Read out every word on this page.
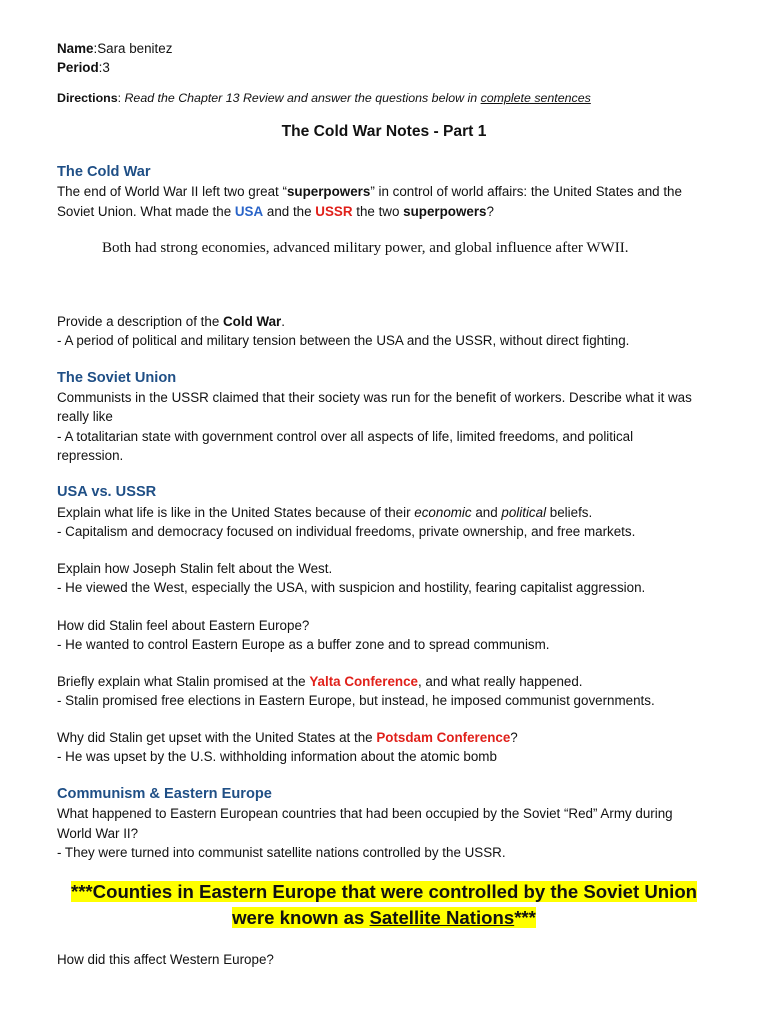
Name:Sara benitez
Period:3
Directions: Read the Chapter 13 Review and answer the questions below in complete sentences
The Cold War Notes - Part 1
The Cold War
The end of World War II left two great “superpowers” in control of world affairs: the United States and the
Soviet Union. What made the USA and the USSR the two superpowers?
Both had strong economies, advanced military power, and global influence after WWII.
Provide a description of the Cold War.
- A period of political and military tension between the USA and the USSR, without direct fighting.
The Soviet Union
Communists in the USSR claimed that their society was run for the benefit of workers. Describe what it was
really like
- A totalitarian state with government control over all aspects of life, limited freedoms, and political
repression.
USA vs. USSR
Explain what life is like in the United States because of their economic and political beliefs.
- Capitalism and democracy focused on individual freedoms, private ownership, and free markets.
Explain how Joseph Stalin felt about the West.
- He viewed the West, especially the USA, with suspicion and hostility, fearing capitalist aggression.
How did Stalin feel about Eastern Europe?
- He wanted to control Eastern Europe as a buffer zone and to spread communism.
Briefly explain what Stalin promised at the Yalta Conference, and what really happened.
- Stalin promised free elections in Eastern Europe, but instead, he imposed communist governments.
Why did Stalin get upset with the United States at the Potsdam Conference?
- He was upset by the U.S. withholding information about the atomic bomb
Communism & Eastern Europe
What happened to Eastern European countries that had been occupied by the Soviet “Red” Army during
World War II?
- They were turned into communist satellite nations controlled by the USSR.
***Counties in Eastern Europe that were controlled by the Soviet Union
were known as Satellite Nations***
How did this affect Western Europe?
